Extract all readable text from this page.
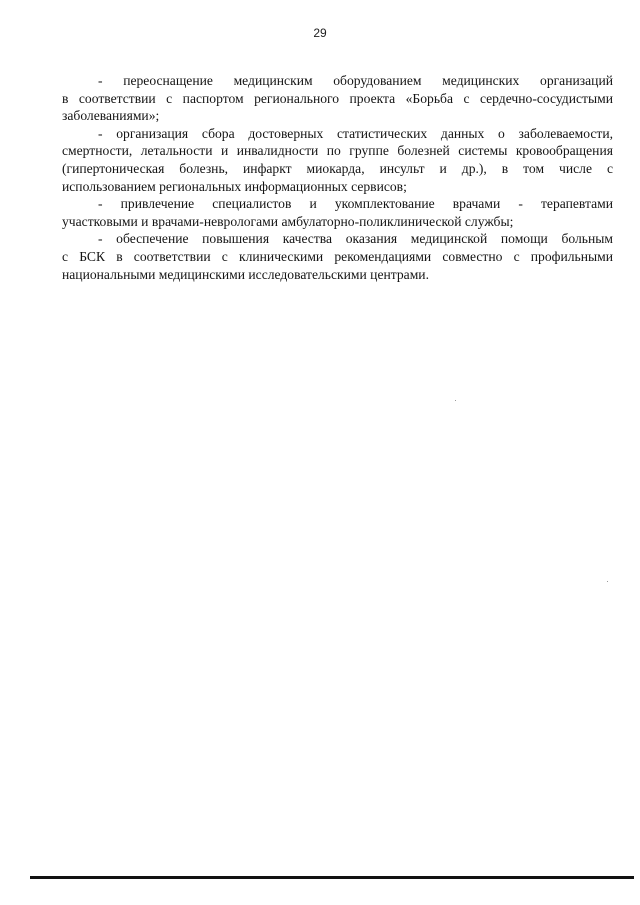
29
- переоснащение медицинским оборудованием медицинских организаций
в соответствии с паспортом регионального проекта «Борьба с сердечно-сосудистыми
заболеваниями»;
- организация сбора достоверных статистических данных о заболеваемости,
смертности, летальности и инвалидности по группе болезней системы кровообращения
(гипертоническая болезнь, инфаркт миокарда, инсульт и др.), в том числе с
использованием региональных информационных сервисов;
- привлечение специалистов и укомплектование врачами - терапевтами
участковыми и врачами-неврологами амбулаторно-поликлинической службы;
- обеспечение повышения качества оказания медицинской помощи больным
с БСК в соответствии с клиническими рекомендациями совместно с профильными
национальными медицинскими исследовательскими центрами.
